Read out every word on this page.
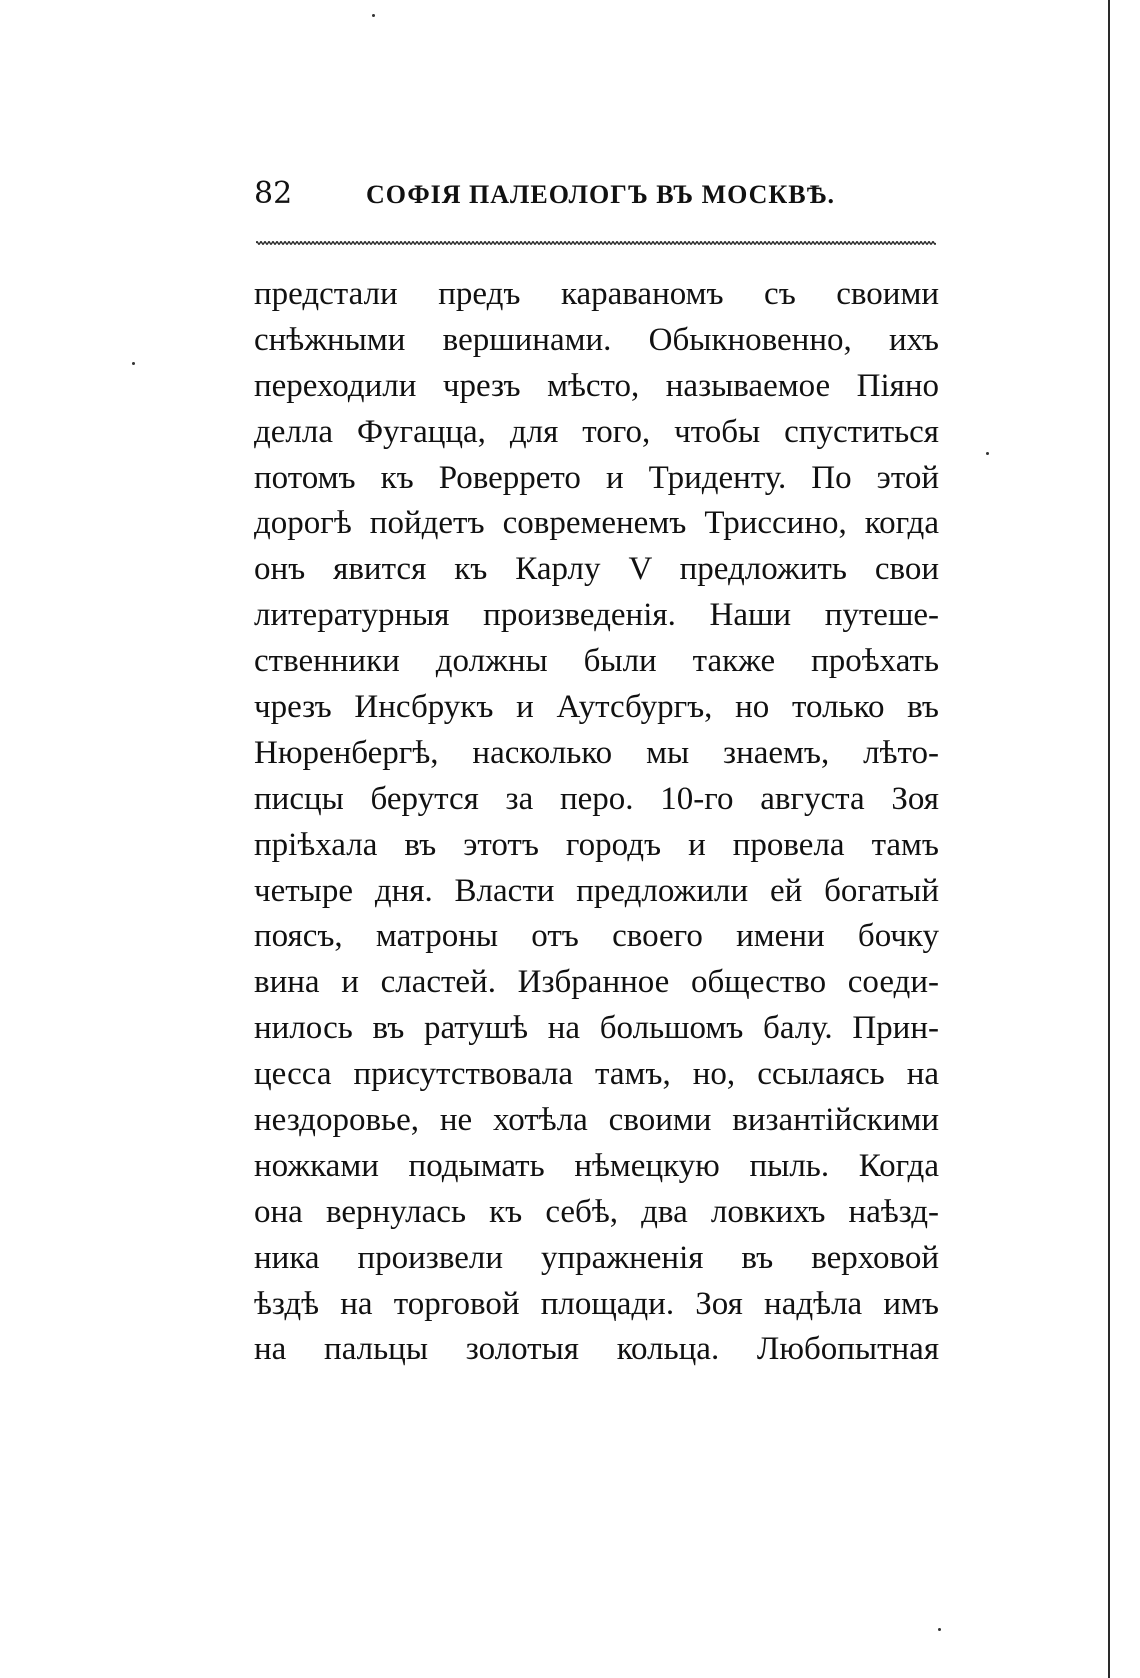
82	СОФІЯ ПАЛЕОЛОГЪ ВЪ МОСКВѢ.
предстали предъ караваномъ съ своими
снѣжными вершинами. Обыкновенно, ихъ
переходили чрезъ мѣсто, называемое Піяно
делла Фугацца, для того, чтобы спуститься
потомъ къ Роверрето и Триденту. По этой
дорогѣ пойдетъ современемъ Триссино, когда
онъ явится къ Карлу V предложить свои
литературныя произведенія. Наши путеше-
ственники должны были также проѣхать
чрезъ Инсбрукъ и Аутсбургъ, но только въ
Нюренбергѣ, насколько мы знаемъ, лѣто-
писцы берутся за перо. 10-го августа Зоя
пріѣхала въ этотъ городъ и провела тамъ
четыре дня. Власти предложили ей богатый
поясъ, матроны отъ своего имени бочку
вина и сластей. Избранное общество соеди-
нилось въ ратушѣ на большомъ балу. Прин-
цесса присутствовала тамъ, но, ссылаясь на
нездоровье, не хотѣла своими византійскими
ножками подымать нѣмецкую пыль. Когда
она вернулась къ себѣ, два ловкихъ наѣзд-
ника произвели упражненія въ верховой
ѣздѣ на торговой площади. Зоя надѣла имъ
на пальцы золотыя кольца. Любопытная
